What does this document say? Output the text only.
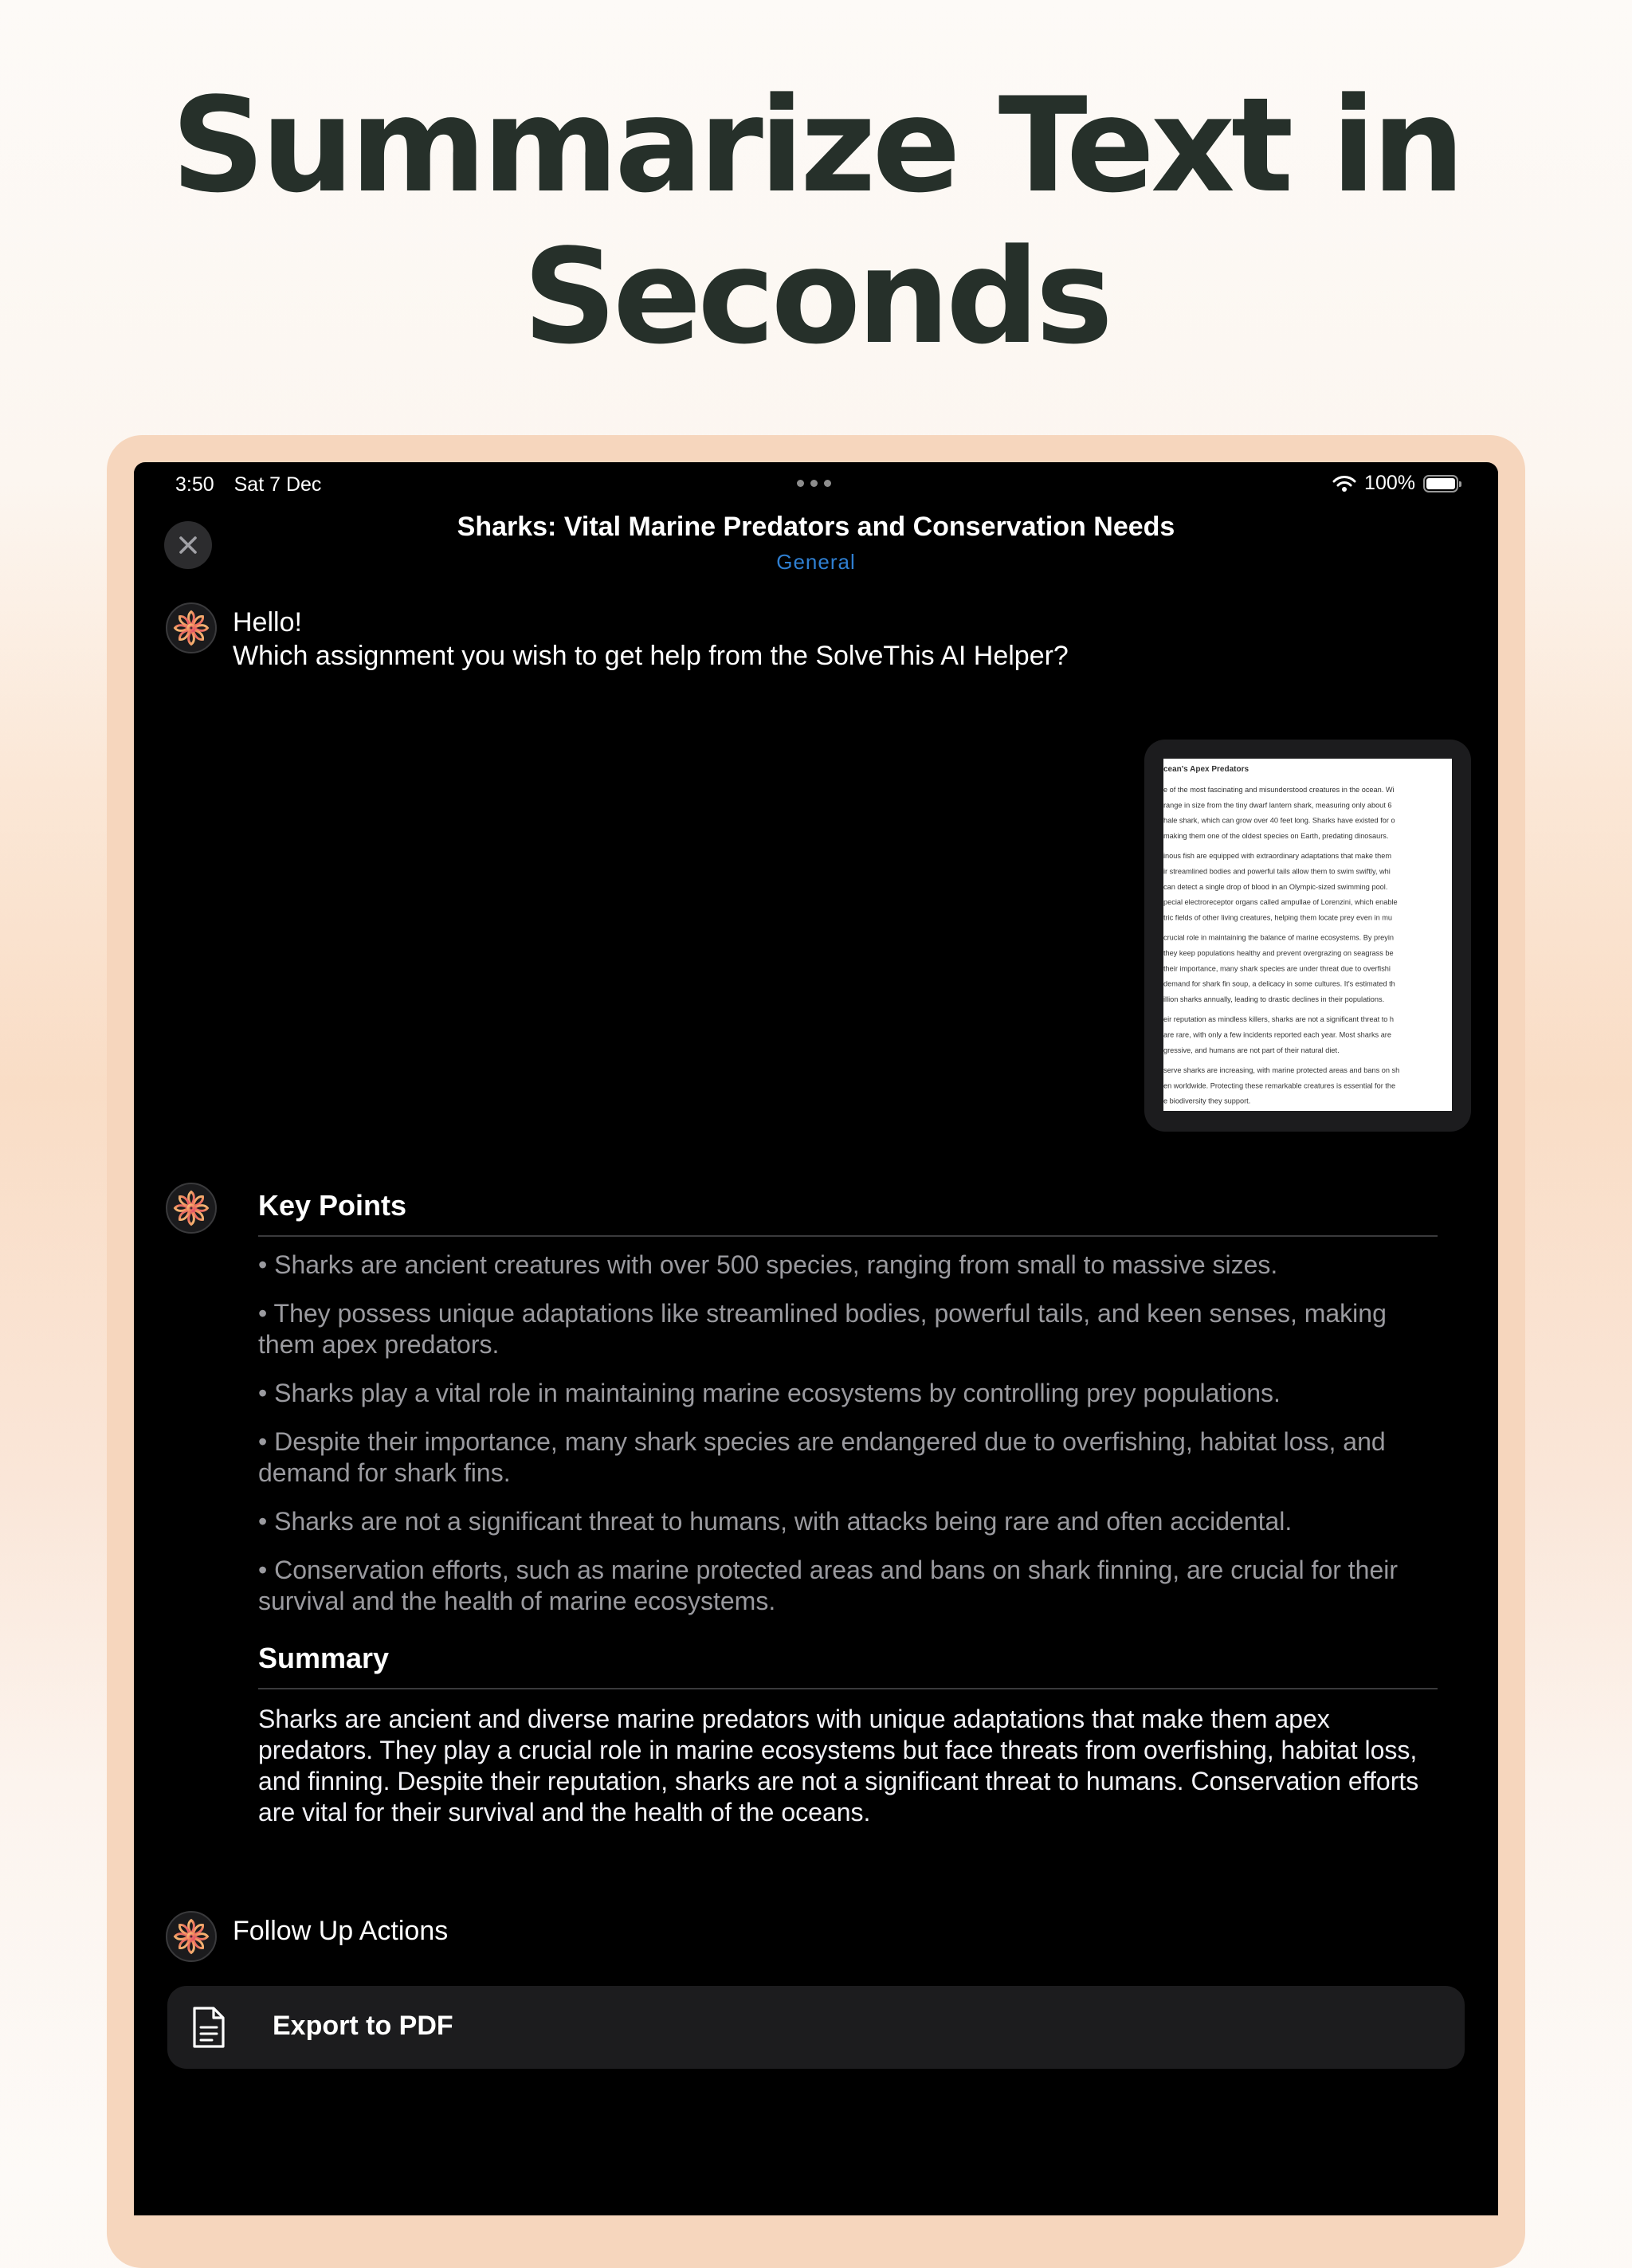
Summarize Text in
Seconds
3:50 Sat 7 Dec	100%
Sharks: Vital Marine Predators and Conservation Needs
General
Hello!
Which assignment you wish to get help from the SolveThis AI Helper?
cean's Apex Predators
e of the most fascinating and misunderstood creatures in the ocean. Wi
range in size from the tiny dwarf lantern shark, measuring only about 6
hale shark, which can grow over 40 feet long. Sharks have existed for o
making them one of the oldest species on Earth, predating dinosaurs.
inous fish are equipped with extraordinary adaptations that make them
ir streamlined bodies and powerful tails allow them to swim swiftly, whi
can detect a single drop of blood in an Olympic-sized swimming pool.
pecial electroreceptor organs called ampullae of Lorenzini, which enable
tric fields of other living creatures, helping them locate prey even in mu
crucial role in maintaining the balance of marine ecosystems. By preyin
they keep populations healthy and prevent overgrazing on seagrass be
their importance, many shark species are under threat due to overfishi
demand for shark fin soup, a delicacy in some cultures. It's estimated th
illion sharks annually, leading to drastic declines in their populations.
eir reputation as mindless killers, sharks are not a significant threat to h
are rare, with only a few incidents reported each year. Most sharks are
gressive, and humans are not part of their natural diet.
serve sharks are increasing, with marine protected areas and bans on sh
en worldwide. Protecting these remarkable creatures is essential for the
e biodiversity they support.
Key Points
• Sharks are ancient creatures with over 500 species, ranging from small to massive sizes.
• They possess unique adaptations like streamlined bodies, powerful tails, and keen senses, making them apex predators.
• Sharks play a vital role in maintaining marine ecosystems by controlling prey populations.
• Despite their importance, many shark species are endangered due to overfishing, habitat loss, and demand for shark fins.
• Sharks are not a significant threat to humans, with attacks being rare and often accidental.
• Conservation efforts, such as marine protected areas and bans on shark finning, are crucial for their survival and the health of marine ecosystems.
Summary
Sharks are ancient and diverse marine predators with unique adaptations that make them apex predators. They play a crucial role in marine ecosystems but face threats from overfishing, habitat loss, and finning. Despite their reputation, sharks are not a significant threat to humans. Conservation efforts are vital for their survival and the health of the oceans.
Follow Up Actions
Export to PDF
